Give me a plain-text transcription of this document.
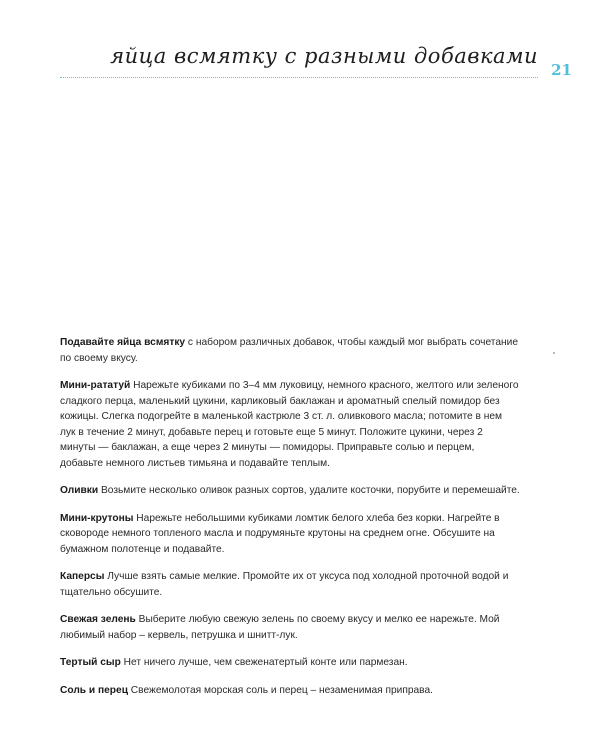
яйца всмятку с разными добавками
21

Подавайте яйца всмятку с набором различных добавок, чтобы каждый мог выбрать сочетание по своему вкусу.

Мини-рататуй Нарежьте кубиками по 3–4 мм луковицу, немного красного, желтого или зеленого сладкого перца, маленький цукини, карликовый баклажан и ароматный спелый помидор без кожицы. Слегка подогрейте в маленькой кастрюле 3 ст. л. оливкового масла; потомите в нем лук в течение 2 минут, добавьте перец и готовьте еще 5 минут. Положите цукини, через 2 минуты — баклажан, а еще через 2 минуты — помидоры. Приправьте солью и перцем, добавьте немного листьев тимьяна и подавайте теплым.

Оливки Возьмите несколько оливок разных сортов, удалите косточки, порубите и перемешайте.

Мини-крутоны Нарежьте небольшими кубиками ломтик белого хлеба без корки. Нагрейте в сковороде немного топленого масла и подрумяньте крутоны на среднем огне. Обсушите на бумажном полотенце и подавайте.

Каперсы Лучше взять самые мелкие. Промойте их от уксуса под холодной проточной водой и тщательно обсушите.

Свежая зелень Выберите любую свежую зелень по своему вкусу и мелко ее нарежьте. Мой любимый набор – кервель, петрушка и шнитт-лук.

Тертый сыр Нет ничего лучше, чем свеженатертый конте или пармезан.

Соль и перец Свежемолотая морская соль и перец – незаменимая приправа.
